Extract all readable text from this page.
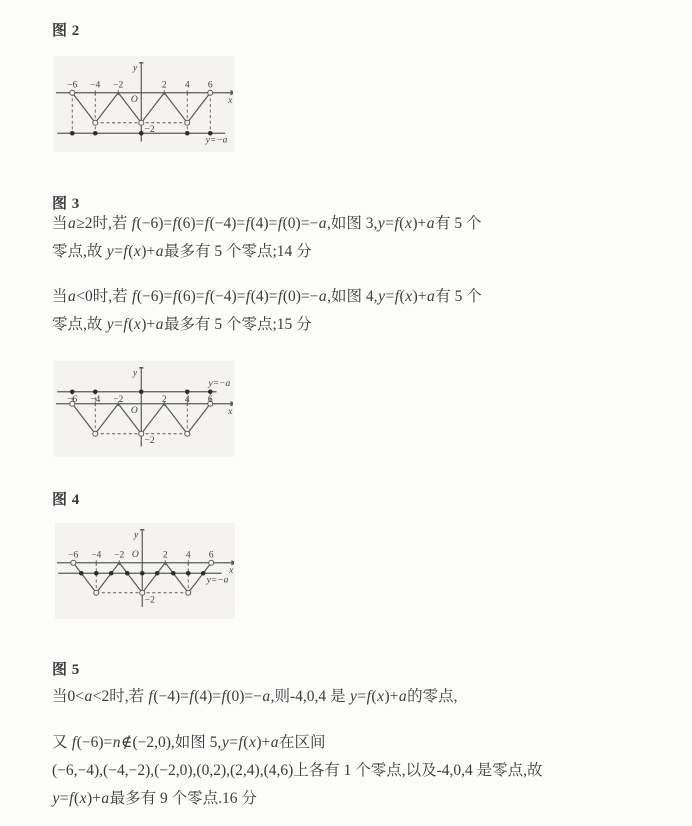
图 2
−6 −4 −2	2 4 6
O	x
y
−2
y=−a
图 3
当a≥2时,若 f(−6)=f(6)=f(−4)=f(4)=f(0)=−a,如图 3,y=f(x)+a有 5 个
零点,故 y=f(x)+a最多有 5 个零点;14 分
当a<0时,若 f(−6)=f(6)=f(−4)=f(4)=f(0)=−a,如图 4,y=f(x)+a有 5 个
零点,故 y=f(x)+a最多有 5 个零点;15 分
−6 −4 −2	2 4 6
O	x
y
−2
y=−a
图 4
−6 −4 −2	2 4 6
O
x
y
−2
y=−a
图 5
当0<a<2时,若 f(−4)=f(4)=f(0)=−a,则-4,0,4 是 y=f(x)+a的零点,
又 f(−6)=n∉(−2,0),如图 5,y=f(x)+a在区间
(−6,−4),(−4,−2),(−2,0),(0,2),(2,4),(4,6)上各有 1 个零点,以及-4,0,4 是零点,故
y=f(x)+a最多有 9 个零点.16 分
